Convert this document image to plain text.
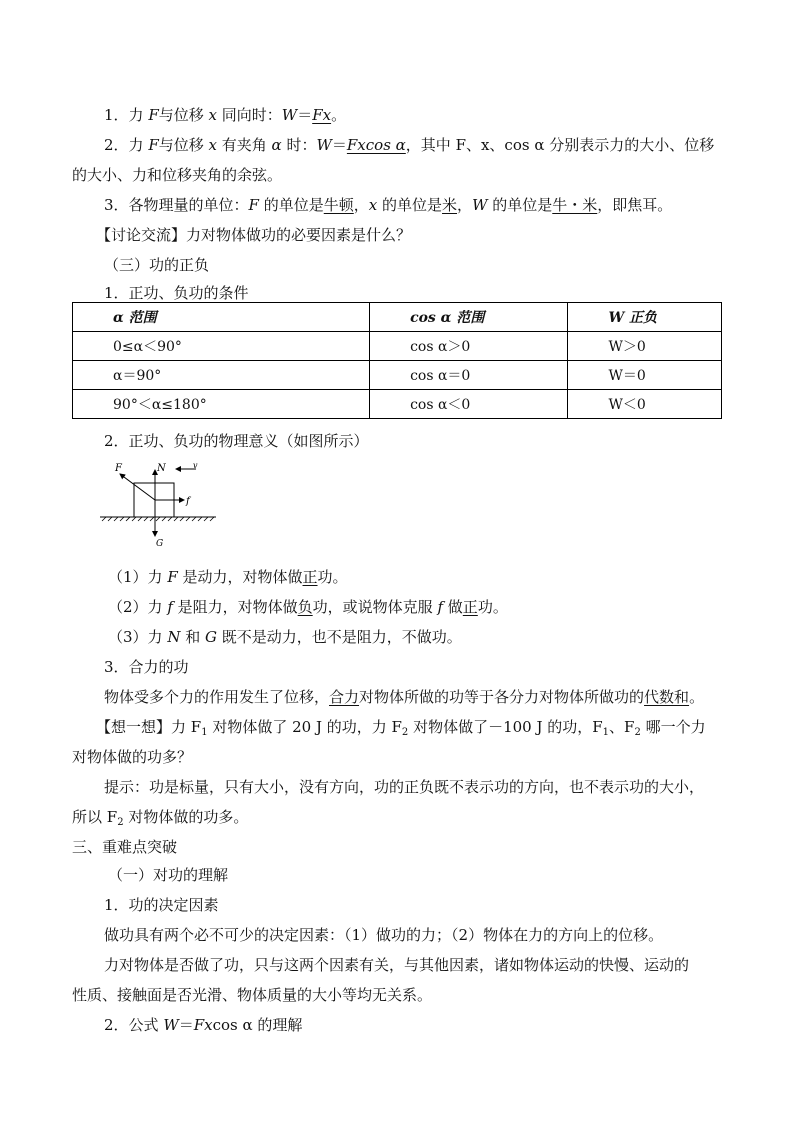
1．力 F与位移 x 同向时：W＝Fx。
2．力 F与位移 x 有夹角 α 时：W＝Fxcos α，其中 F、x、cos α 分别表示力的大小、位移
的大小、力和位移夹角的余弦。
3．各物理量的单位：F 的单位是牛顿，x 的单位是米，W 的单位是牛・米，即焦耳。
【讨论交流】力对物体做功的必要因素是什么？
（三）功的正负
1．正功、负功的条件
α 范围	cos α 范围	W 正负
0≤α＜90°	cos α＞0	W＞0
α＝90°	cos α＝0	W＝0
90°＜α≤180°	cos α＜0	W＜0
2．正功、负功的物理意义（如图所示）
F	N	v
f
G
（1）力 F 是动力，对物体做正功。
（2）力 f 是阻力，对物体做负功，或说物体克服 f 做正功。
（3）力 N 和 G 既不是动力，也不是阻力，不做功。
3．合力的功
物体受多个力的作用发生了位移，合力对物体所做的功等于各分力对物体所做功的代数和。
【想一想】力 $F_1$ 对物体做了 20 J 的功，力 $F_2$ 对物体做了－100 J 的功，$F_1$、$F_2$ 哪一个力
对物体做的功多？
提示：功是标量，只有大小，没有方向，功的正负既不表示功的方向，也不表示功的大小，
所以 $F_2$ 对物体做的功多。
三、重难点突破
（一）对功的理解
1．功的决定因素
做功具有两个必不可少的决定因素：（1）做功的力；（2）物体在力的方向上的位移。
力对物体是否做了功，只与这两个因素有关，与其他因素，诸如物体运动的快慢、运动的
性质、接触面是否光滑、物体质量的大小等均无关系。
2．公式 W＝Fxcos α 的理解
